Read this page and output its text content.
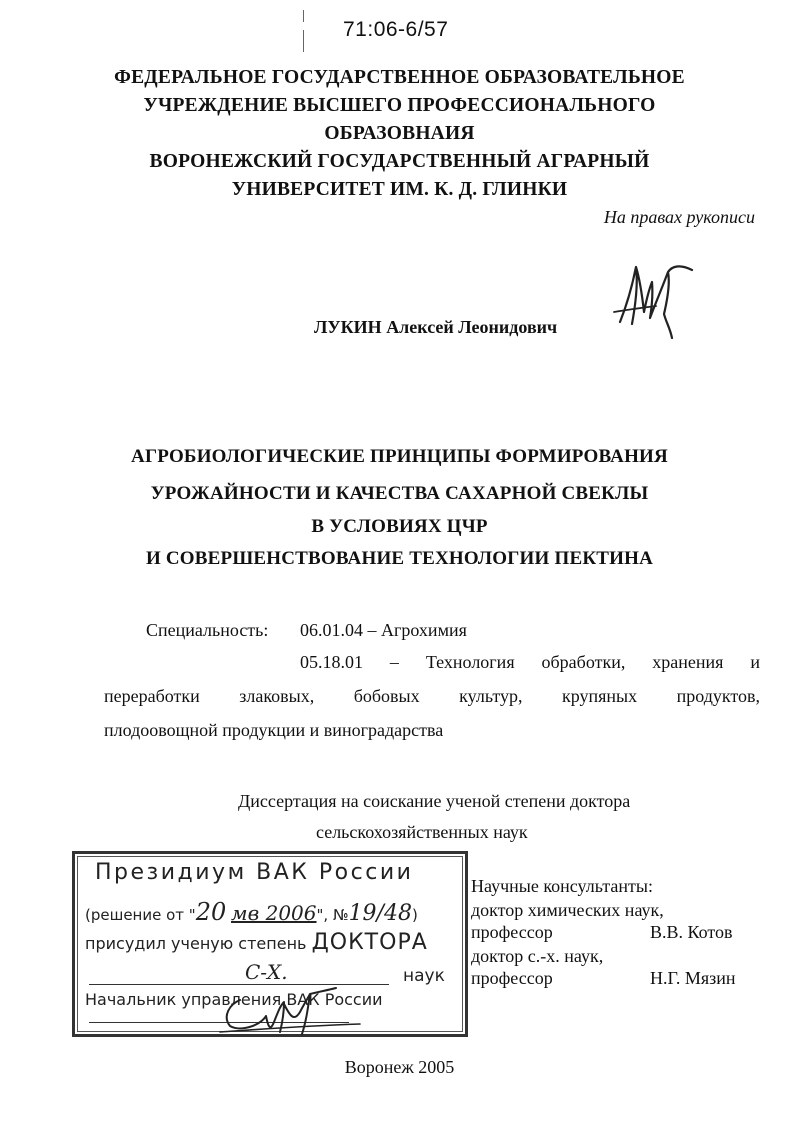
71:06-6/57
ФЕДЕРАЛЬНОЕ ГОСУДАРСТВЕННОЕ ОБРАЗОВАТЕЛЬНОЕ
УЧРЕЖДЕНИЕ ВЫСШЕГО ПРОФЕССИОНАЛЬНОГО
ОБРАЗОВНАИЯ
ВОРОНЕЖСКИЙ ГОСУДАРСТВЕННЫЙ АГРАРНЫЙ
УНИВЕРСИТЕТ ИМ. К. Д. ГЛИНКИ
На правах рукописи
ЛУКИН Алексей Леонидович
АГРОБИОЛОГИЧЕСКИЕ ПРИНЦИПЫ ФОРМИРОВАНИЯ
УРОЖАЙНОСТИ И КАЧЕСТВА САХАРНОЙ СВЕКЛЫ
В УСЛОВИЯХ ЦЧР
И СОВЕРШЕНСТВОВАНИЕ ТЕХНОЛОГИИ ПЕКТИНА
Специальность: 06.01.04 – Агрохимия
05.18.01 – Технология обработки, хранения и
переработки злаковых, бобовых культур, крупяных продуктов,
плодоовощной продукции и виноградарства
Диссертация на соискание ученой степени доктора
сельскохозяйственных наук
Президиум ВАК России
(решение от "20 мв 2006", №19/48)
присудил ученую степень ДОКТОРА
С-Х.	наук
Начальник управления ВАК России
Научные консультанты:
доктор химических наук,
профессор	В.В. Котов
доктор с.-х. наук,
профессор	Н.Г. Мязин
Воронеж 2005
